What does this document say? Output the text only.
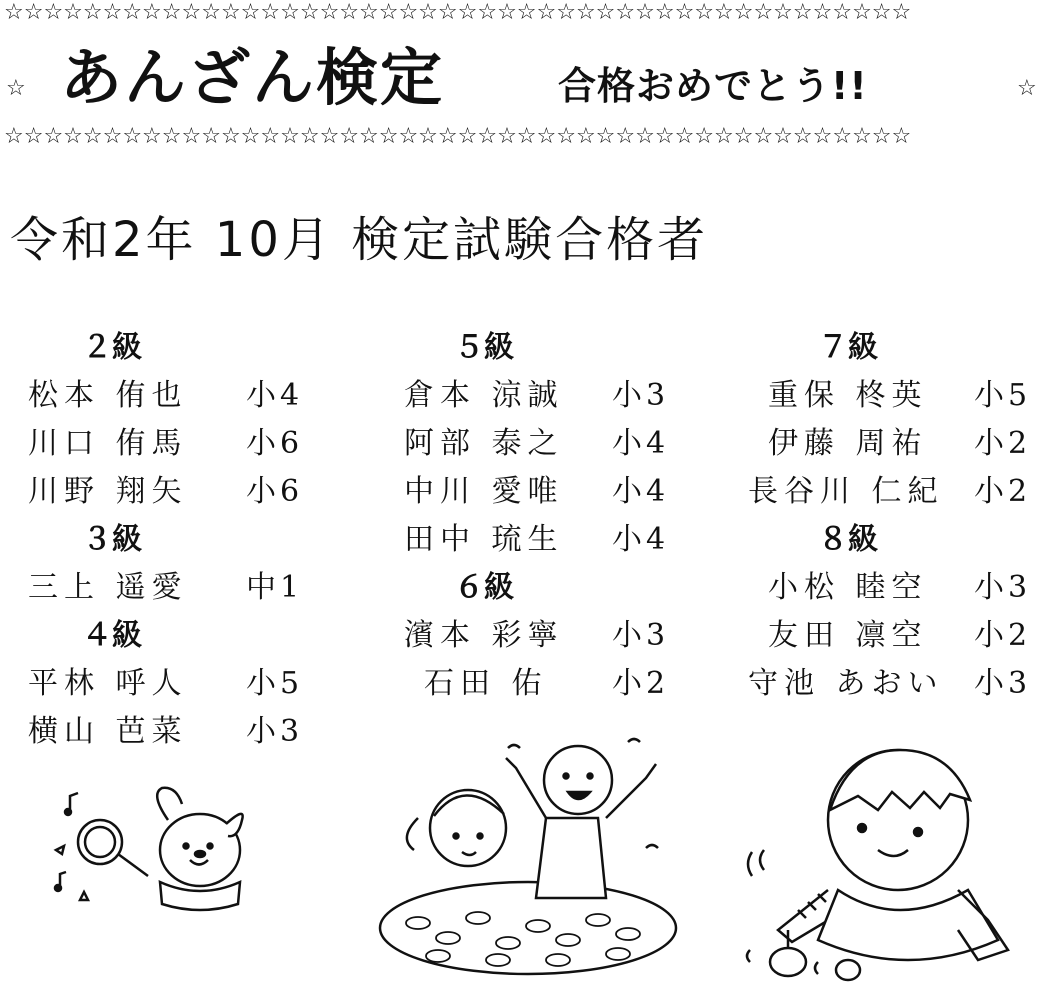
☆☆☆☆☆☆☆☆☆☆☆☆☆☆☆☆☆☆☆☆☆☆☆☆☆☆☆☆☆☆☆☆☆☆☆☆☆☆☆☆☆☆☆☆☆☆
☆ あんざん検定	合格おめでとう!!	☆
☆☆☆☆☆☆☆☆☆☆☆☆☆☆☆☆☆☆☆☆☆☆☆☆☆☆☆☆☆☆☆☆☆☆☆☆☆☆☆☆☆☆☆☆☆☆
令和2年 10月 検定試験合格者
２級
松本 侑也 小4
川口 侑馬 小6
川野 翔矢 小6
３級
三上 遥愛 中1
４級
平林 呼人 小5
横山 芭菜 小3
５級
倉本 涼誠 小3
阿部 泰之 小4
中川 愛唯 小4
田中 琉生 小4
６級
濱本 彩寧 小3
石田 佑 小2
７級
重保 柊英 小5
伊藤 周祐 小2
長谷川 仁紀 小2
８級
小松 睦空 小3
友田 凛空 小2
守池 あおい 小3
